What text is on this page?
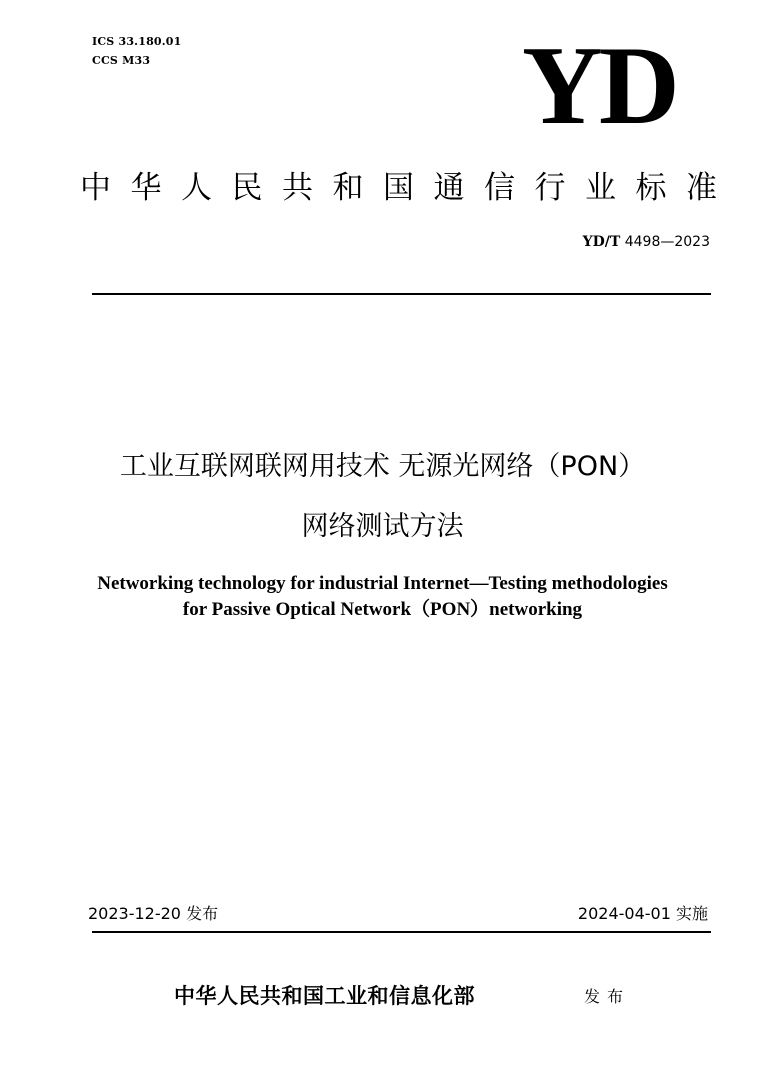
ICS 33.180.01
CCS M33	YD
中华人民共和国通信行业标准
YD/T 4498—2023
工业互联网联网用技术 无源光网络（PON）
网络测试方法
Networking technology for industrial Internet—Testing methodologies
for Passive Optical Network（PON）networking
2023-12-20 发布	2024-04-01 实施
中华人民共和国工业和信息化部	发布
